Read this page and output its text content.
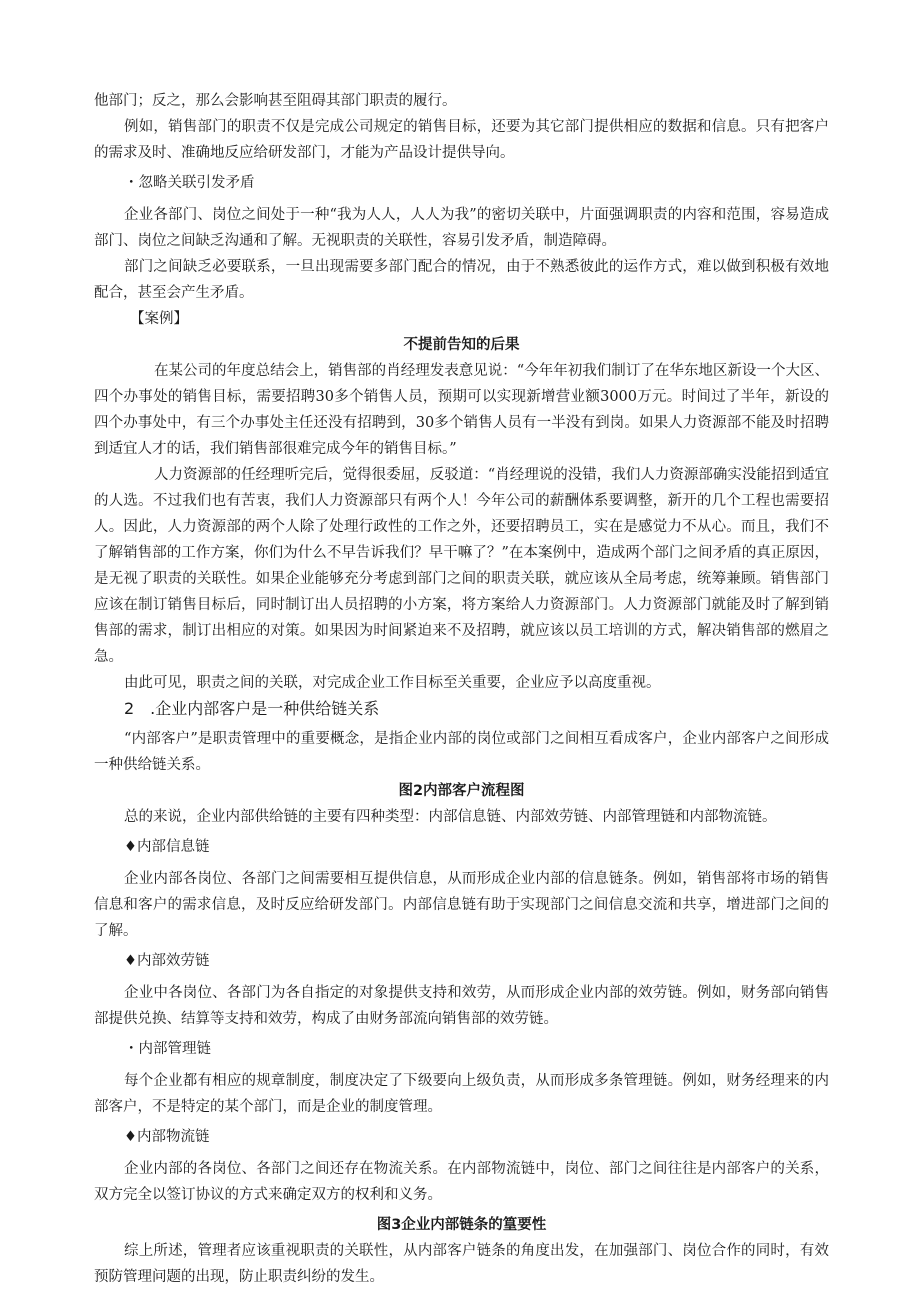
他部门；反之，那么会影响甚至阻碍其部门职责的履行。

例如，销售部门的职责不仅是完成公司规定的销售目标，还要为其它部门提供相应的数据和信息。只有把客户的需求及时、准确地反应给研发部门，才能为产品设计提供导向。

・忽略关联引发矛盾

企业各部门、岗位之间处于一种“我为人人，人人为我”的密切关联中，片面强调职责的内容和范围，容易造成部门、岗位之间缺乏沟通和了解。无视职责的关联性，容易引发矛盾，制造障碍。

部门之间缺乏必要联系，一旦出现需要多部门配合的情况，由于不熟悉彼此的运作方式，难以做到积极有效地配合，甚至会产生矛盾。

【案例】

不提前告知的后果

在某公司的年度总结会上，销售部的肖经理发表意见说：“今年年初我们制订了在华东地区新设一个大区、四个办事处的销售目标，需要招聘30多个销售人员，预期可以实现新增营业额3000万元。时间过了半年，新设的四个办事处中，有三个办事处主任还没有招聘到，30多个销售人员有一半没有到岗。如果人力资源部不能及时招聘到适宜人才的话，我们销售部很难完成今年的销售目标。”

人力资源部的任经理听完后，觉得很委屈，反驳道：“肖经理说的没错，我们人力资源部确实没能招到适宜的人选。不过我们也有苦衷，我们人力资源部只有两个人！今年公司的薪酬体系要调整，新开的几个工程也需要招人。因此，人力资源部的两个人除了处理行政性的工作之外，还要招聘员工，实在是感觉力不从心。而且，我们不了解销售部的工作方案，你们为什么不早告诉我们？早干嘛了？”在本案例中，造成两个部门之间矛盾的真正原因，是无视了职责的关联性。如果企业能够充分考虑到部门之间的职责关联，就应该从全局考虑，统筹兼顾。销售部门应该在制订销售目标后，同时制订出人员招聘的小方案，将方案给人力资源部门。人力资源部门就能及时了解到销售部的需求，制订出相应的对策。如果因为时间紧迫来不及招聘，就应该以员工培训的方式，解决销售部的燃眉之急。

由此可见，职责之间的关联，对完成企业工作目标至关重要，企业应予以高度重视。

2　.企业内部客户是一种供给链关系

“内部客户”是职责管理中的重要概念，是指企业内部的岗位或部门之间相互看成客户，企业内部客户之间形成一种供给链关系。

图2内部客户流程图

总的来说，企业内部供给链的主要有四种类型：内部信息链、内部效劳链、内部管理链和内部物流链。

♦内部信息链

企业内部各岗位、各部门之间需要相互提供信息，从而形成企业内部的信息链条。例如，销售部将市场的销售信息和客户的需求信息，及时反应给研发部门。内部信息链有助于实现部门之间信息交流和共享，增进部门之间的了解。

♦内部效劳链

企业中各岗位、各部门为各自指定的对象提供支持和效劳，从而形成企业内部的效劳链。例如，财务部向销售部提供兑换、结算等支持和效劳，构成了由财务部流向销售部的效劳链。

・内部管理链

每个企业都有相应的规章制度，制度决定了下级要向上级负责，从而形成多条管理链。例如，财务经理来的内部客户，不是特定的某个部门，而是企业的制度管理。

♦内部物流链

企业内部的各岗位、各部门之间还存在物流关系。在内部物流链中，岗位、部门之间往往是内部客户的关系，双方完全以签订协议的方式来确定双方的权利和义务。

图3企业内部链条的篁要性

综上所述，管理者应该重视职责的关联性，从内部客户链条的角度出发，在加强部门、岗位合作的同时，有效预防管理问题的出现，防止职责纠纷的发生。
